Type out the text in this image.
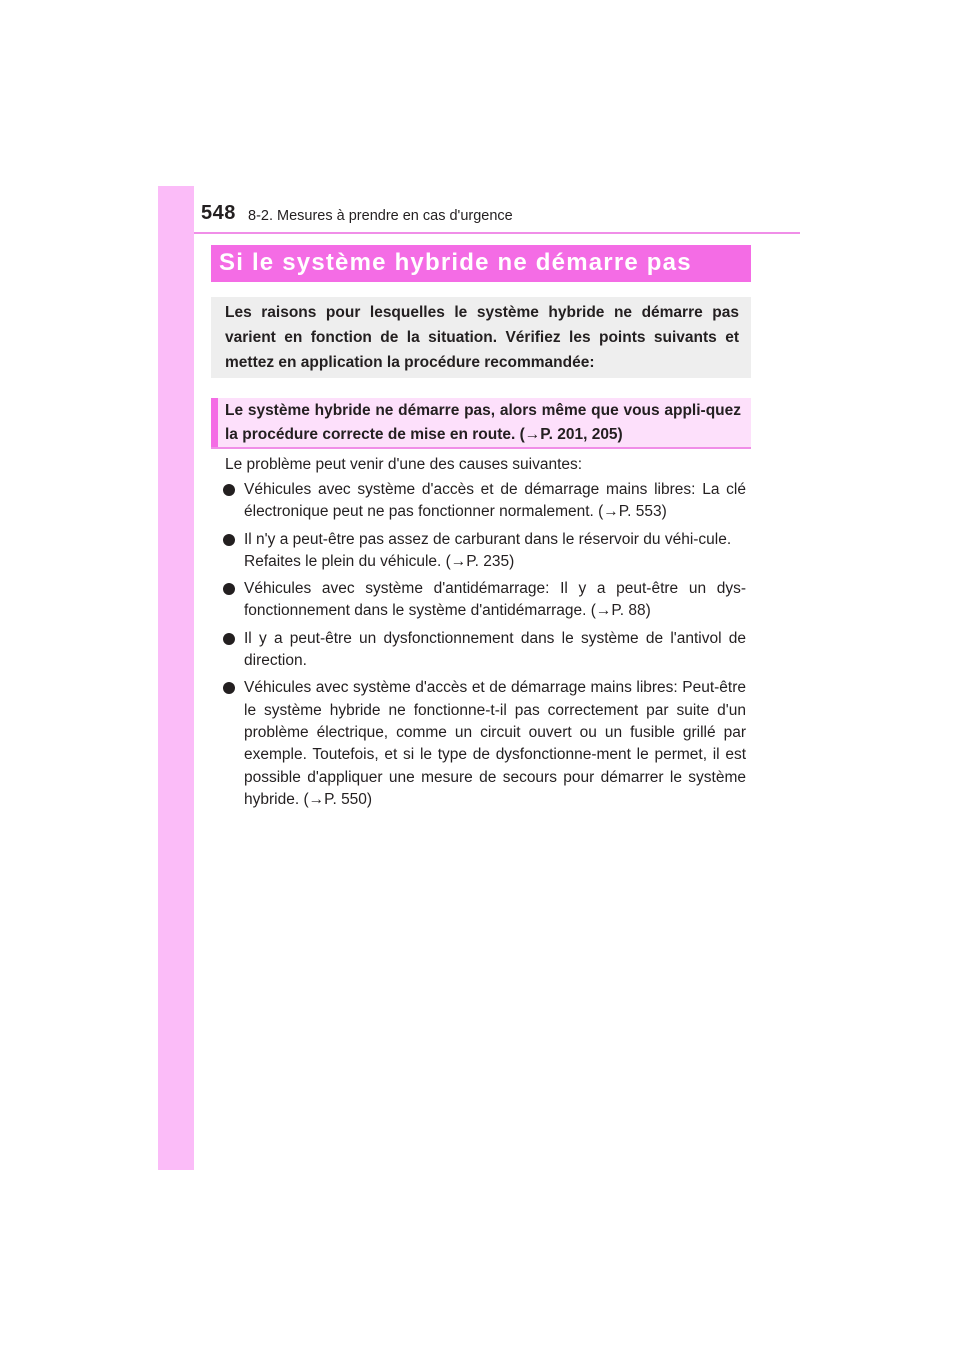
548 8-2. Mesures à prendre en cas d'urgence
Si le système hybride ne démarre pas

Les raisons pour lesquelles le système hybride ne démarre pas varient en fonction de la situation. Vérifiez les points suivants et mettez en application la procédure recommandée:

Le système hybride ne démarre pas, alors même que vous appli-quez la procédure correcte de mise en route. (→P. 201, 205)

Le problème peut venir d'une des causes suivantes:
Véhicules avec système d'accès et de démarrage mains libres: La clé électronique peut ne pas fonctionner normalement. (→P. 553)
Il n'y a peut-être pas assez de carburant dans le réservoir du véhi-cule.
Refaites le plein du véhicule. (→P. 235)
Véhicules avec système d'antidémarrage: Il y a peut-être un dys-fonctionnement dans le système d'antidémarrage. (→P. 88)
Il y a peut-être un dysfonctionnement dans le système de l'antivol de direction.
Véhicules avec système d'accès et de démarrage mains libres: Peut-être le système hybride ne fonctionne-t-il pas correctement par suite d'un problème électrique, comme un circuit ouvert ou un fusible grillé par exemple. Toutefois, et si le type de dysfonctionne-ment le permet, il est possible d'appliquer une mesure de secours pour démarrer le système hybride. (→P. 550)
